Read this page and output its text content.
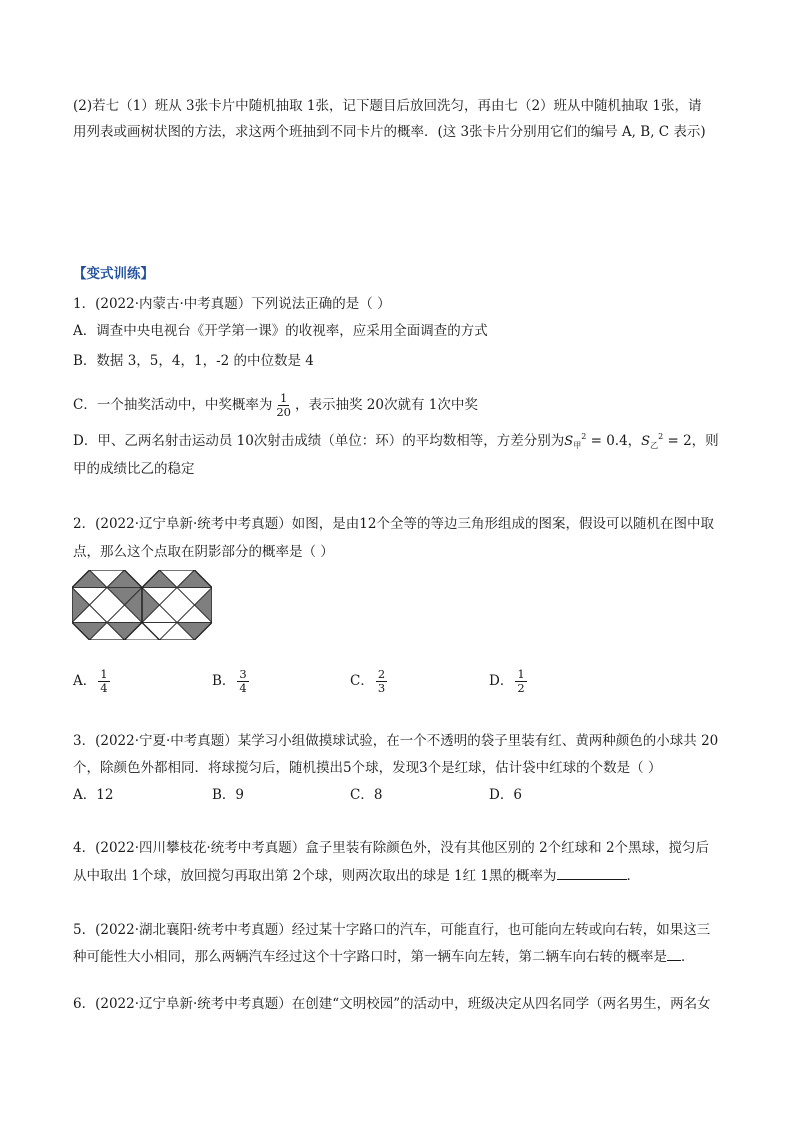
(2)若七（1）班从 3张卡片中随机抽取 1张，记下题目后放回洗匀，再由七（2）班从中随机抽取 1张，请
用列表或画树状图的方法，求这两个班抽到不同卡片的概率．(这 3张卡片分别用它们的编号 A, B, C 表示)
【变式训练】
1．(2022·内蒙古·中考真题）下列说法正确的是（ ）
A．调查中央电视台《开学第一课》的收视率，应采用全面调查的方式
B．数据 3，5，4，1，-2 的中位数是 4
C．一个抽奖活动中，中奖概率为 $\frac{1}{20}$ ，表示抽奖 20次就有 1次中奖
D．甲、乙两名射击运动员 10次射击成绩（单位：环）的平均数相等，方差分别为$S_甲^2 = 0.4$，$S_乙^2 = 2$，则
甲的成绩比乙的稳定
2．(2022·辽宁阜新·统考中考真题）如图，是由12个全等的等边三角形组成的图案，假设可以随机在图中取
点，那么这个点取在阴影部分的概率是（ ）
A． $\frac{1}{4}$	B． $\frac{3}{4}$	C． $\frac{2}{3}$	D． $\frac{1}{2}$
3．(2022·宁夏·中考真题）某学习小组做摸球试验，在一个不透明的袋子里装有红、黄两种颜色的小球共 20
个，除颜色外都相同．将球搅匀后，随机摸出5个球，发现3个是红球，估计袋中红球的个数是（ ）
A．12	B．9	C．8	D．6
4．(2022·四川攀枝花·统考中考真题）盒子里装有除颜色外，没有其他区别的 2个红球和 2个黑球，搅匀后
从中取出 1个球，放回搅匀再取出第 2个球，则两次取出的球是 1红 1黑的概率为	．
5．(2022·湖北襄阳·统考中考真题）经过某十字路口的汽车，可能直行，也可能向左转或向右转，如果这三
种可能性大小相同，那么两辆汽车经过这个十字路口时，第一辆车向左转，第二辆车向右转的概率是 ．
6．(2022·辽宁阜新·统考中考真题）在创建“文明校园”的活动中，班级决定从四名同学（两名男生，两名女
